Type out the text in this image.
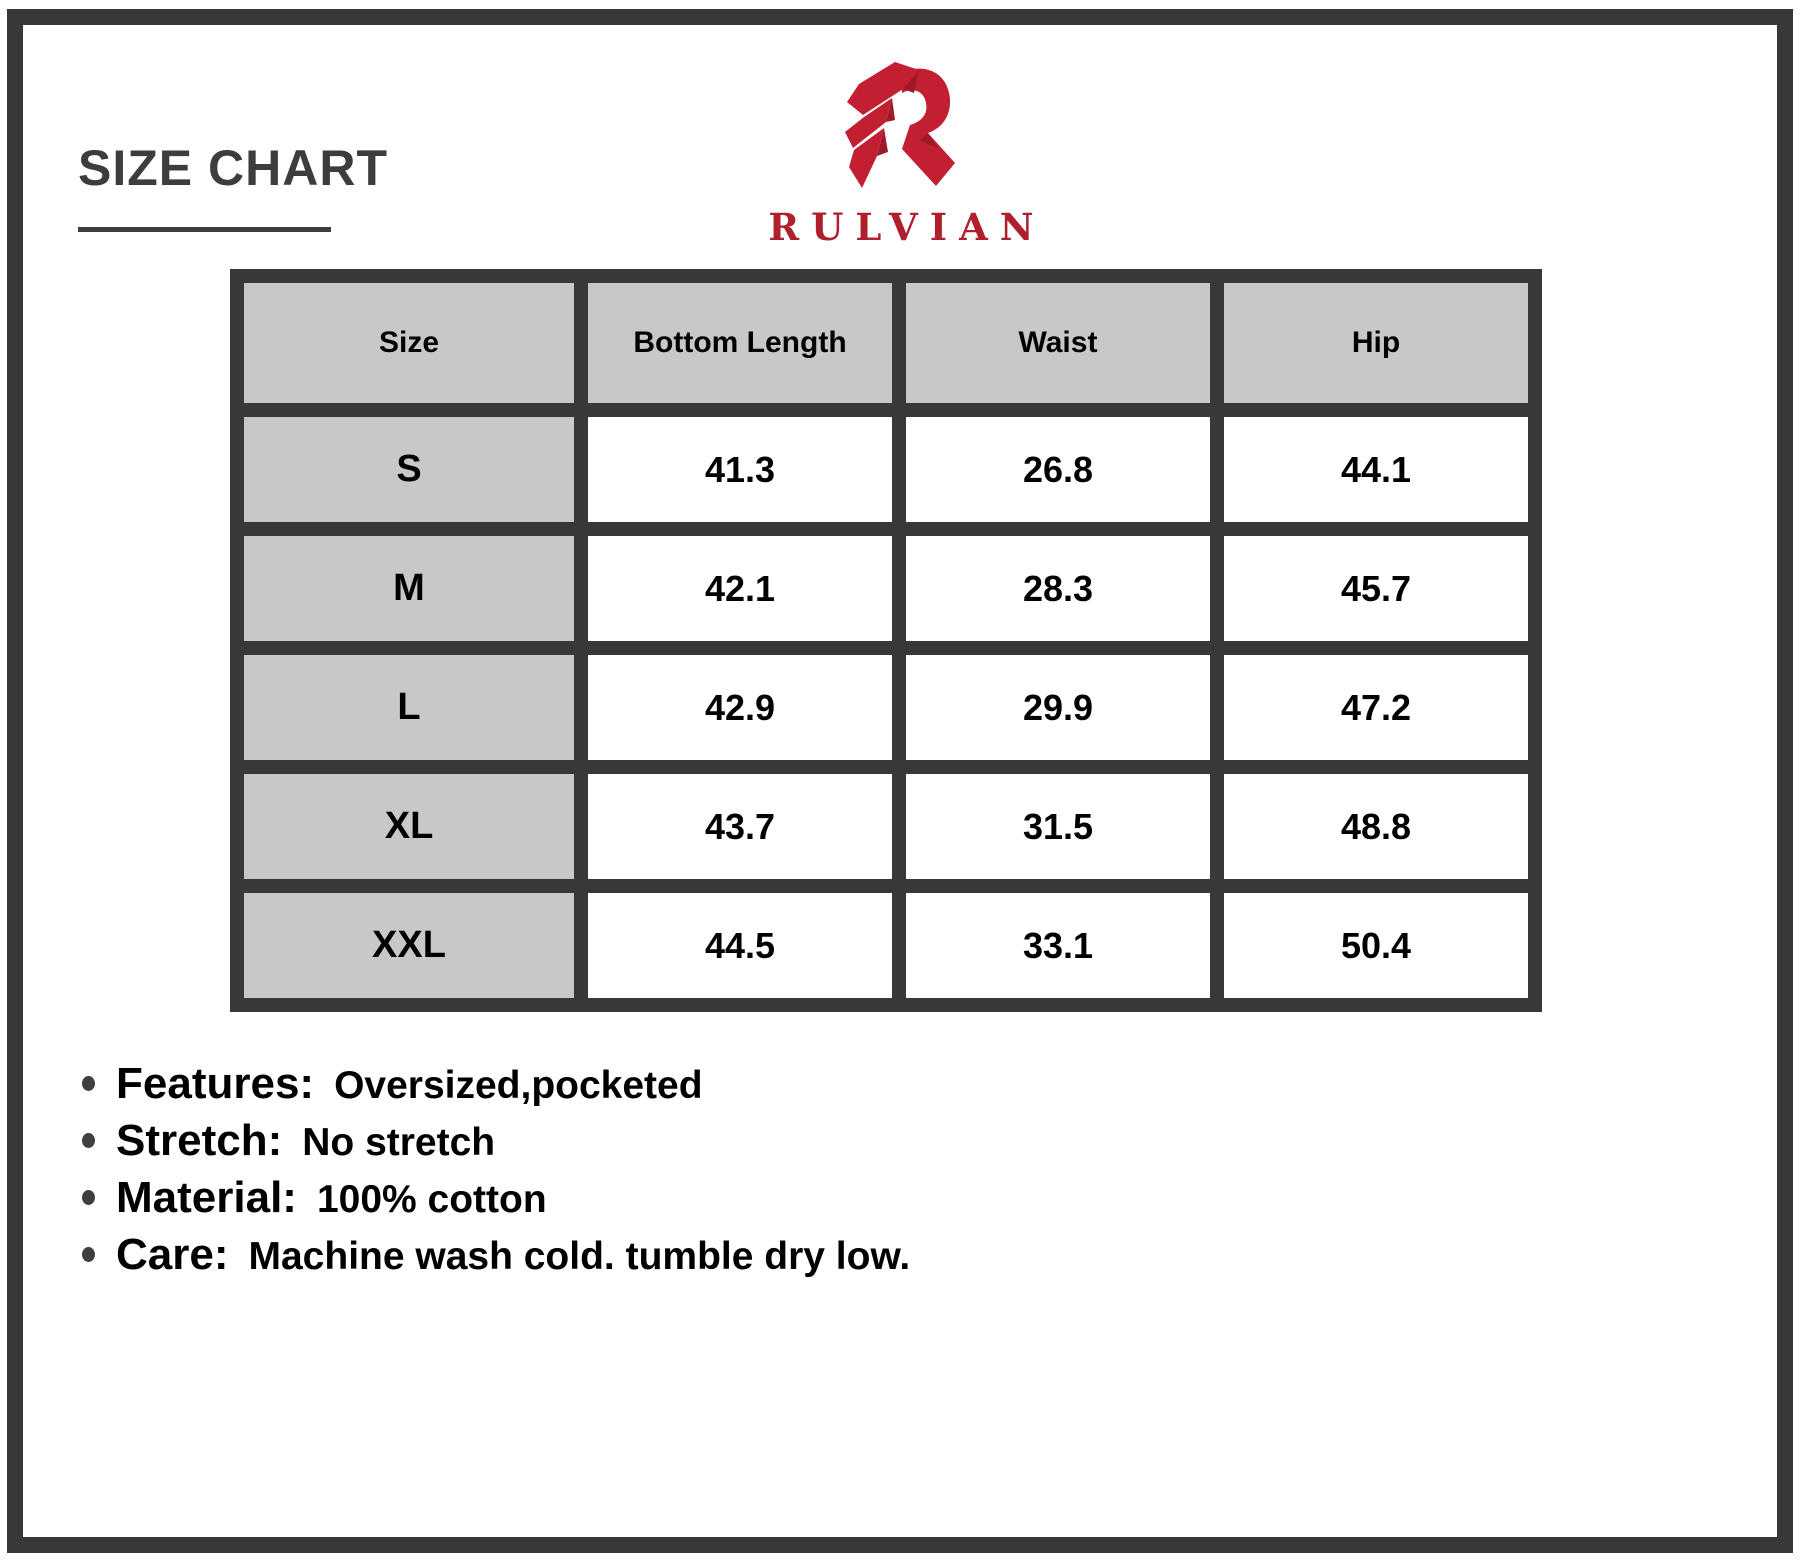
SIZE CHART
RULVIAN
Size	Bottom Length	Waist	Hip
S	41.3	26.8	44.1
M	42.1	28.3	45.7
L	42.9	29.9	47.2
XL	43.7	31.5	48.8
XXL	44.5	33.1	50.4
Features: Oversized,pocketed
Stretch: No stretch
Material: 100% cotton
Care: Machine wash cold. tumble dry low.
